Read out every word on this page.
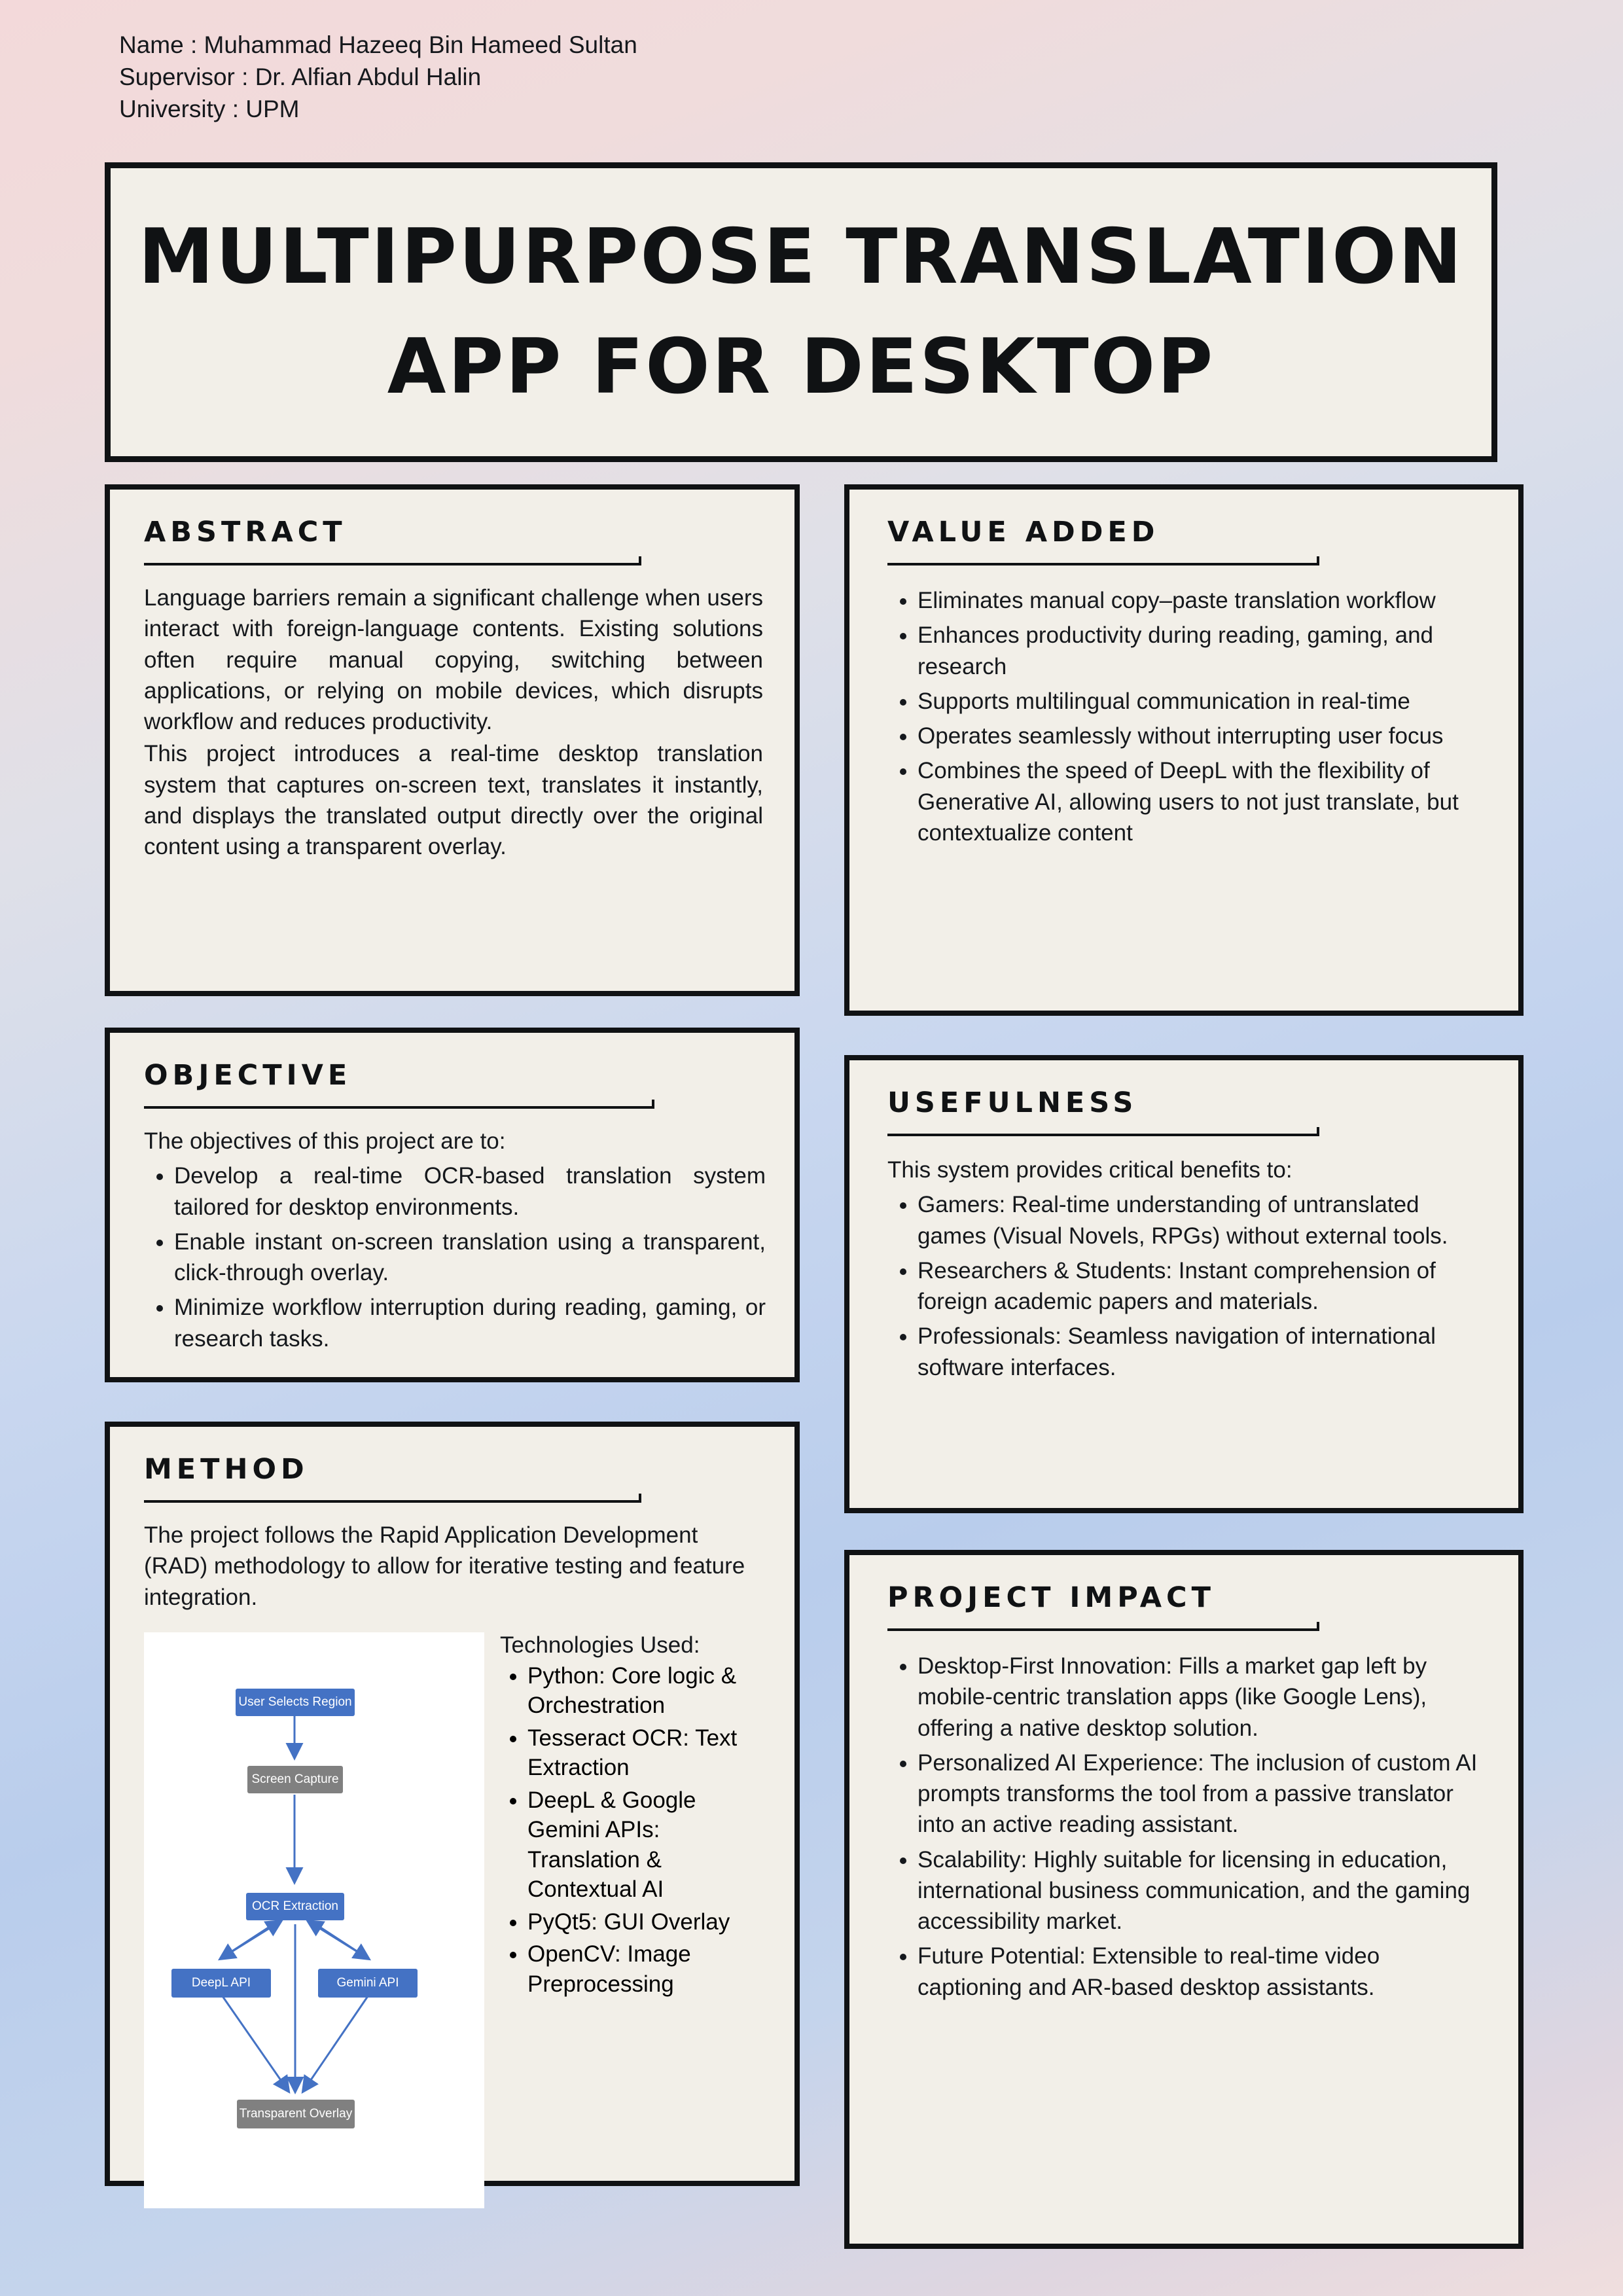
Name : Muhammad Hazeeq Bin Hameed Sultan
Supervisor : Dr. Alfian Abdul Halin
University : UPM
MULTIPURPOSE TRANSLATION
APP FOR DESKTOP
ABSTRACT

Language barriers remain a significant challenge when users interact with foreign-language contents. Existing solutions often require manual copying, switching between applications, or relying on mobile devices, which disrupts workflow and reduces productivity.

This project introduces a real-time desktop translation system that captures on-screen text, translates it instantly, and displays the translated output directly over the original content using a transparent overlay.

OBJECTIVE
The objectives of this project are to:
• Develop a real-time OCR-based translation system tailored for desktop environments.
• Enable instant on-screen translation using a transparent, click-through overlay.
• Minimize workflow interruption during reading, gaming, or research tasks.
METHOD
The project follows the Rapid Application Development (RAD) methodology to allow for iterative testing and feature integration.
User Selects Region
Screen Capture
OCR Extraction
DeepL API	Gemini API
Transparent Overlay
Technologies Used:
• Python: Core logic & Orchestration
• Tesseract OCR: Text Extraction
• DeepL & Google Gemini APIs: Translation & Contextual AI
• PyQt5: GUI Overlay
• OpenCV: Image Preprocessing
VALUE ADDED
• Eliminates manual copy–paste translation workflow
• Enhances productivity during reading, gaming, and research
• Supports multilingual communication in real-time
• Operates seamlessly without interrupting user focus
• Combines the speed of DeepL with the flexibility of Generative AI, allowing users to not just translate, but contextualize content
USEFULNESS
This system provides critical benefits to:
• Gamers: Real-time understanding of untranslated games (Visual Novels, RPGs) without external tools.
• Researchers & Students: Instant comprehension of foreign academic papers and materials.
• Professionals: Seamless navigation of international software interfaces.
PROJECT IMPACT
• Desktop-First Innovation: Fills a market gap left by mobile-centric translation apps (like Google Lens), offering a native desktop solution.
• Personalized AI Experience: The inclusion of custom AI prompts transforms the tool from a passive translator into an active reading assistant.
• Scalability: Highly suitable for licensing in education, international business communication, and the gaming accessibility market.
• Future Potential: Extensible to real-time video captioning and AR-based desktop assistants.
